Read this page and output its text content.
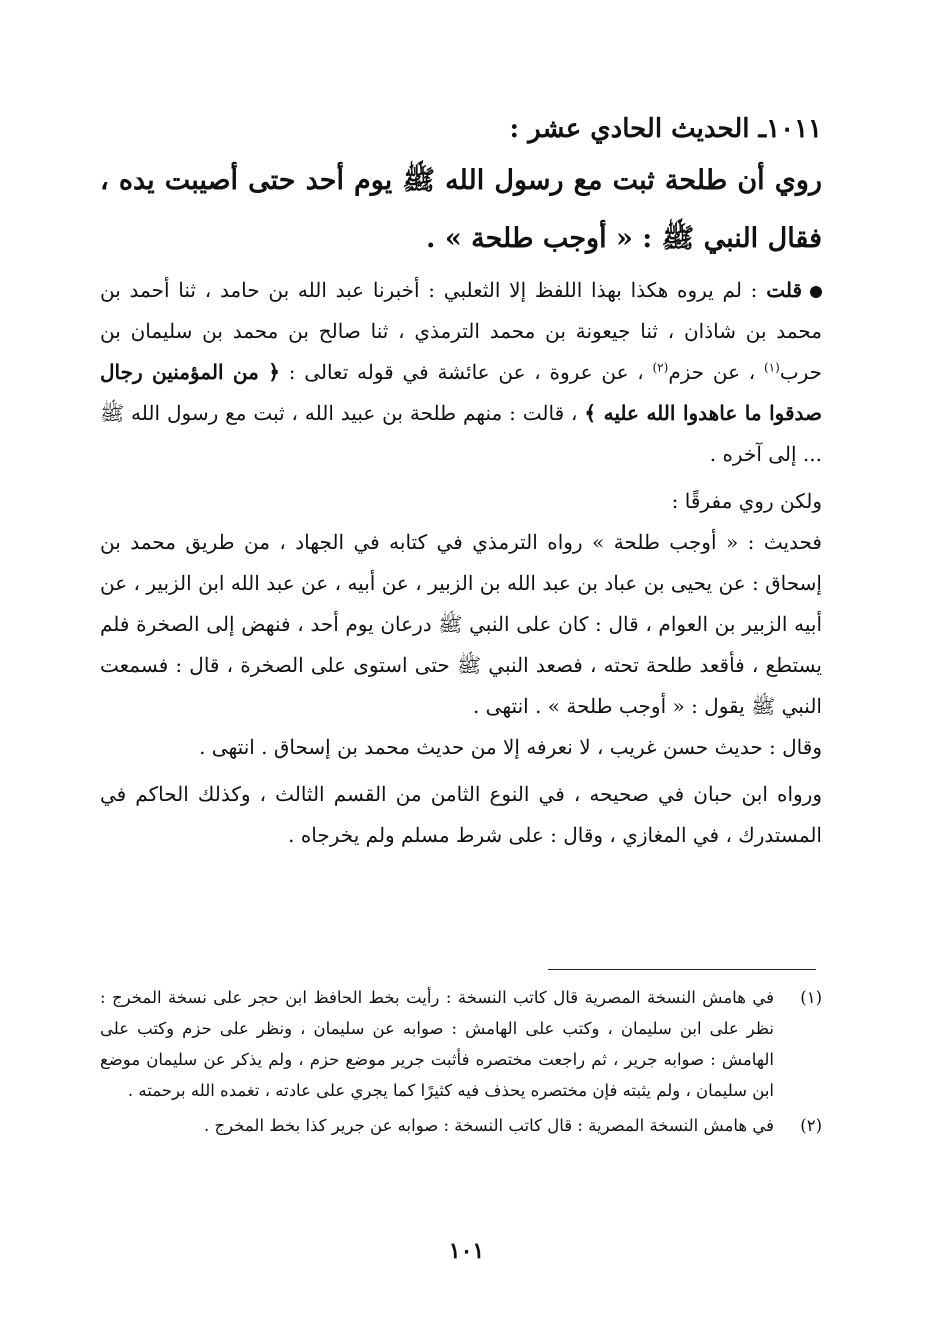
١٠١١ـ الحديث الحادي عشر :
روي أن طلحة ثبت مع رسول الله ﷺ يوم أحد حتى أصيبت يده ، فقال النبي ﷺ : « أوجب طلحة » .

قلت : لم يروه هكذا بهذا اللفظ إلا الثعلبي : أخبرنا عبد الله بن حامد ، ثنا أحمد بن محمد بن شاذان ، ثنا جيعونة بن محمد الترمذي ، ثنا صالح بن محمد بن سليمان بن حرب$^{(١)}$ ، عن حزم$^{(٢)}$ ، عن عروة ، عن عائشة في قوله تعالى : ﴿ من المؤمنين رجال صدقوا ما عاهدوا الله عليه ﴾ ، قالت : منهم طلحة بن عبيد الله ، ثبت مع رسول الله ﷺ ... إلى آخره .

ولكن روي مفرقًا :

فحديث : « أوجب طلحة » رواه الترمذي في كتابه في الجهاد ، من طريق محمد بن إسحاق : عن يحيى بن عباد بن عبد الله بن الزبير ، عن أبيه ، عن عبد الله ابن الزبير ، عن أبيه الزبير بن العوام ، قال : كان على النبي ﷺ درعان يوم أحد ، فنهض إلى الصخرة فلم يستطع ، فأقعد طلحة تحته ، فصعد النبي ﷺ حتى استوى على الصخرة ، قال : فسمعت النبي ﷺ يقول : « أوجب طلحة » . انتهى .

وقال : حديث حسن غريب ، لا نعرفه إلا من حديث محمد بن إسحاق . انتهى .

ورواه ابن حبان في صحيحه ، في النوع الثامن من القسم الثالث ، وكذلك الحاكم في المستدرك ، في المغازي ، وقال : على شرط مسلم ولم يخرجاه .

(١)
في هامش النسخة المصرية قال كاتب النسخة : رأيت بخط الحافظ ابن حجر على نسخة المخرج : نظر على ابن سليمان ، وكتب على الهامش : صوابه عن سليمان ، ونظر على حزم وكتب على الهامش : صوابه جرير ، ثم راجعت مختصره فأثبت جرير موضع حزم ، ولم يذكر عن سليمان موضع ابن سليمان ، ولم يثبته فإن مختصره يحذف فيه كثيرًا كما يجري على عادته ، تغمده الله برحمته .
(٢)
في هامش النسخة المصرية : قال كاتب النسخة : صوابه عن جرير كذا بخط المخرج .
١٠١
